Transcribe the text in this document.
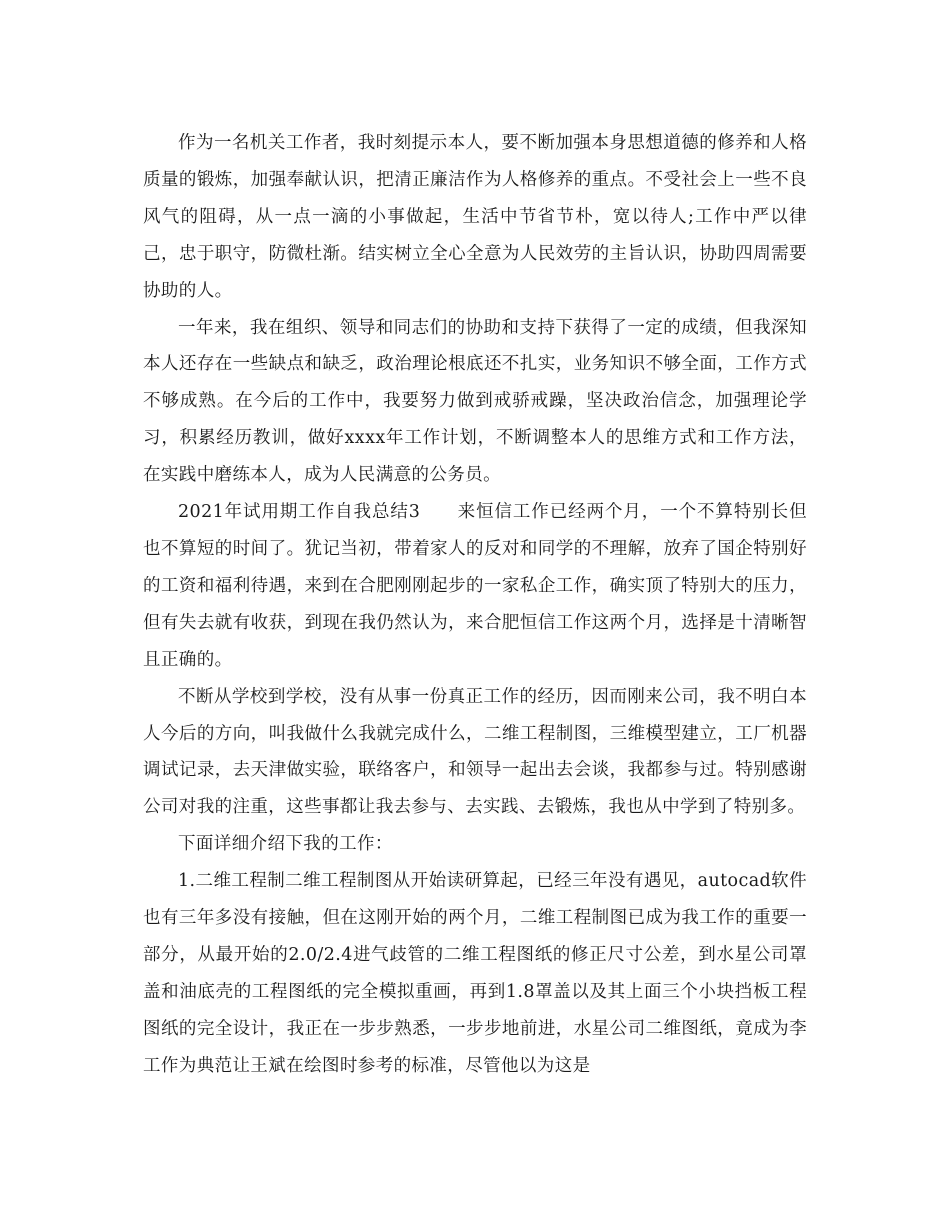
作为一名机关工作者，我时刻提示本人，要不断加强本身思想道德的修养和人格质量的锻炼，加强奉献认识，把清正廉洁作为人格修养的重点。不受社会上一些不良风气的阻碍，从一点一滴的小事做起，生活中节省节朴，宽以待人;工作中严以律己，忠于职守，防微杜渐。结实树立全心全意为人民效劳的主旨认识，协助四周需要协助的人。

一年来，我在组织、领导和同志们的协助和支持下获得了一定的成绩，但我深知本人还存在一些缺点和缺乏，政治理论根底还不扎实，业务知识不够全面，工作方式不够成熟。在今后的工作中，我要努力做到戒骄戒躁，坚决政治信念，加强理论学习，积累经历教训，做好xxxx年工作计划，不断调整本人的思维方式和工作方法，在实践中磨练本人，成为人民满意的公务员。

2021年试用期工作自我总结3　　来恒信工作已经两个月，一个不算特别长但也不算短的时间了。犹记当初，带着家人的反对和同学的不理解，放弃了国企特别好的工资和福利待遇，来到在合肥刚刚起步的一家私企工作，确实顶了特别大的压力，但有失去就有收获，到现在我仍然认为，来合肥恒信工作这两个月，选择是十清晰智且正确的。

不断从学校到学校，没有从事一份真正工作的经历，因而刚来公司，我不明白本人今后的方向，叫我做什么我就完成什么，二维工程制图，三维模型建立，工厂机器调试记录，去天津做实验，联络客户，和领导一起出去会谈，我都参与过。特别感谢公司对我的注重，这些事都让我去参与、去实践、去锻炼，我也从中学到了特别多。

下面详细介绍下我的工作：

1.二维工程制二维工程制图从开始读研算起，已经三年没有遇见，autocad软件也有三年多没有接触，但在这刚开始的两个月，二维工程制图已成为我工作的重要一部分，从最开始的2.0/2.4进气歧管的二维工程图纸的修正尺寸公差，到水星公司罩盖和油底壳的工程图纸的完全模拟重画，再到1.8罩盖以及其上面三个小块挡板工程图纸的完全设计，我正在一步步熟悉，一步步地前进，水星公司二维图纸，竟成为李工作为典范让王斌在绘图时参考的标准，尽管他以为这是
